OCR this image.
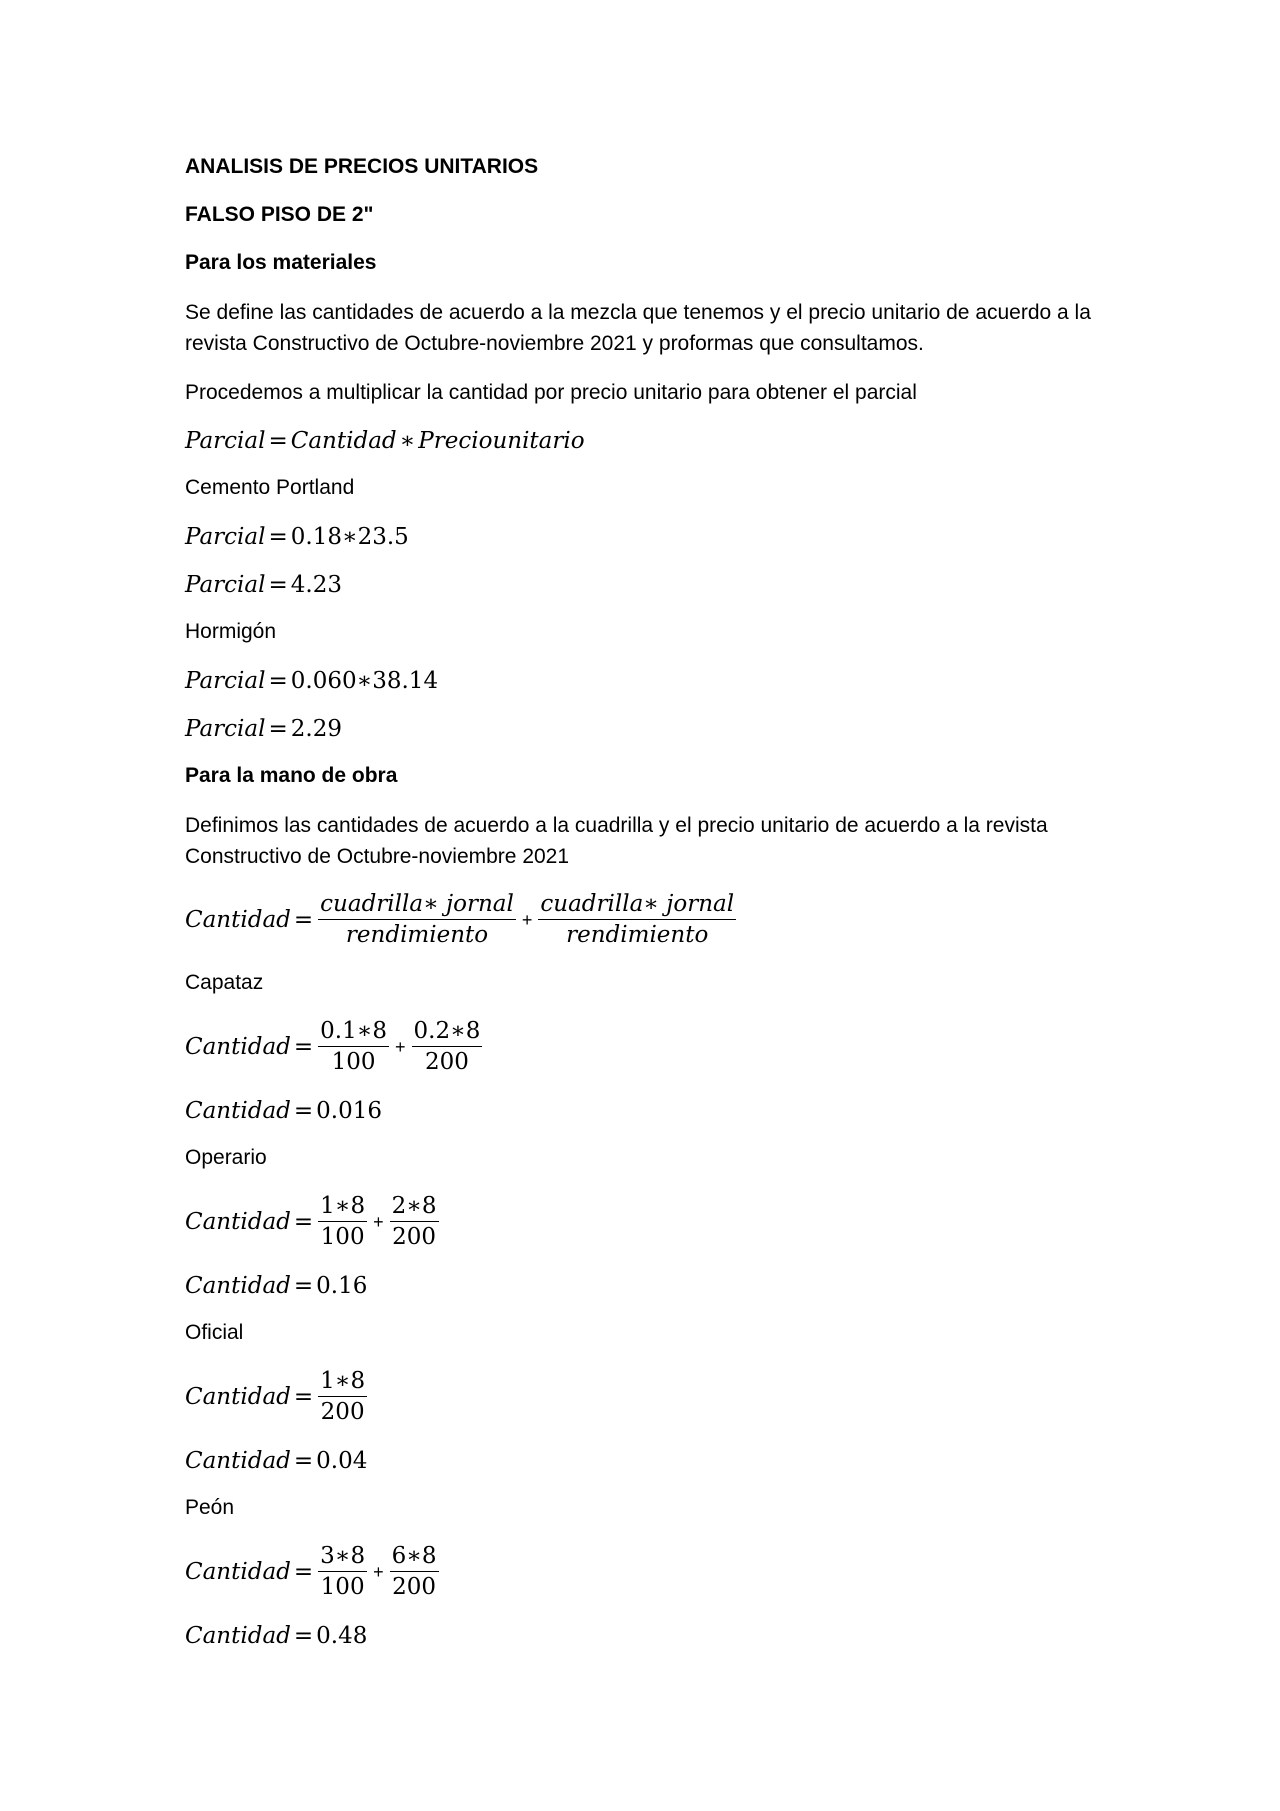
ANALISIS DE PRECIOS UNITARIOS
FALSO PISO DE 2"
Para los materiales
Se define las cantidades de acuerdo a la mezcla que tenemos y el precio unitario de acuerdo a la revista Constructivo de Octubre-noviembre 2021 y proformas que consultamos.
Procedemos a multiplicar la cantidad por precio unitario para obtener el parcial
Parcial = Cantidad ∗ Preciounitario
Cemento Portland
Parcial = 0.18∗23.5
Parcial = 4.23
Hormigón
Parcial = 0.060∗38.14
Parcial = 2.29
Para la mano de obra
Definimos las cantidades de acuerdo a la cuadrilla y el precio unitario de acuerdo a la revista Constructivo de Octubre-noviembre 2021
Cantidad = $\frac{\text{cuadrilla∗ jornal}}{\text{rendimiento}} + \frac{\text{cuadrilla∗ jornal}}{\text{rendimiento}}$
Capataz
Cantidad = $\frac{0.1∗8}{100} + \frac{0.2∗8}{200}$
Cantidad = 0.016
Operario
Cantidad = $\frac{1∗8}{100} + \frac{2∗8}{200}$
Cantidad = 0.16
Oficial
Cantidad = $\frac{1∗8}{200}$
Cantidad = 0.04
Peón
Cantidad = $\frac{3∗8}{100} + \frac{6∗8}{200}$
Cantidad = 0.48
